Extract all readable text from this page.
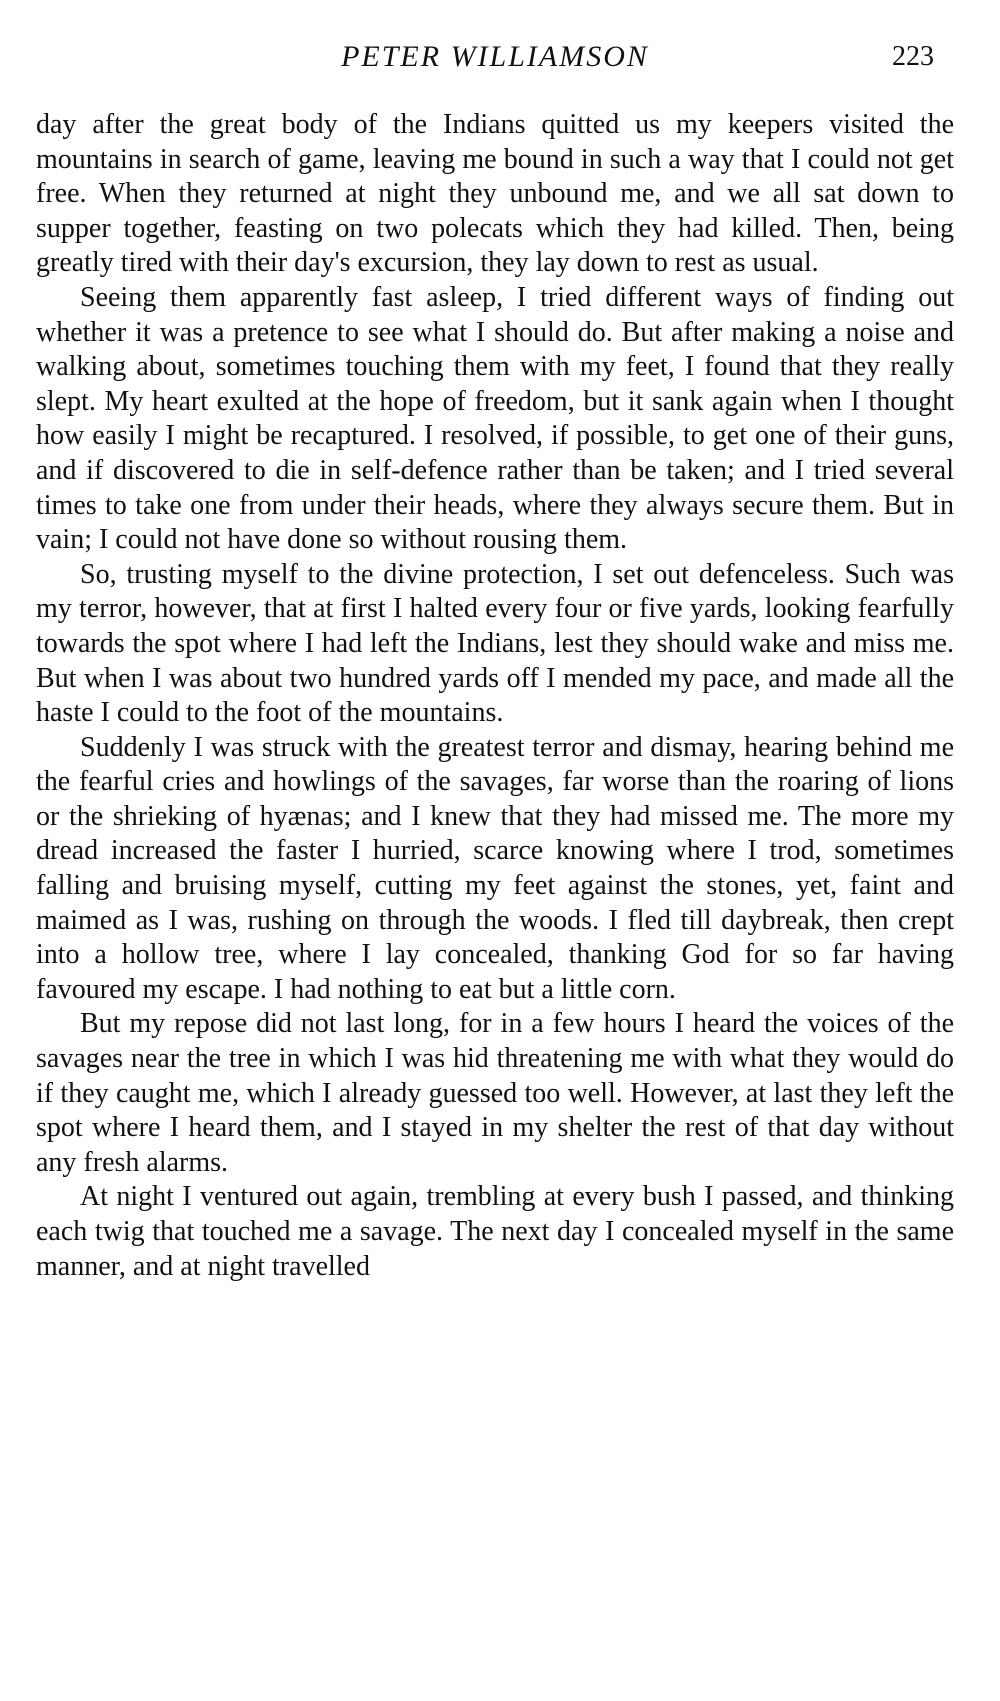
PETER WILLIAMSON	223

day after the great body of the Indians quitted us my keepers visited the mountains in search of game, leaving me bound in such a way that I could not get free. When they returned at night they unbound me, and we all sat down to supper together, feasting on two polecats which they had killed. Then, being greatly tired with their day's excursion, they lay down to rest as usual.

Seeing them apparently fast asleep, I tried different ways of finding out whether it was a pretence to see what I should do. But after making a noise and walking about, sometimes touching them with my feet, I found that they really slept. My heart exulted at the hope of freedom, but it sank again when I thought how easily I might be recaptured. I resolved, if possible, to get one of their guns, and if discovered to die in self-defence rather than be taken; and I tried several times to take one from under their heads, where they always secure them. But in vain; I could not have done so without rousing them.

So, trusting myself to the divine protection, I set out defenceless. Such was my terror, however, that at first I halted every four or five yards, looking fearfully towards the spot where I had left the Indians, lest they should wake and miss me. But when I was about two hundred yards off I mended my pace, and made all the haste I could to the foot of the mountains.

Suddenly I was struck with the greatest terror and dismay, hearing behind me the fearful cries and howlings of the savages, far worse than the roaring of lions or the shrieking of hyænas; and I knew that they had missed me. The more my dread increased the faster I hurried, scarce knowing where I trod, sometimes falling and bruising myself, cutting my feet against the stones, yet, faint and maimed as I was, rushing on through the woods. I fled till daybreak, then crept into a hollow tree, where I lay concealed, thanking God for so far having favoured my escape. I had nothing to eat but a little corn.

But my repose did not last long, for in a few hours I heard the voices of the savages near the tree in which I was hid threatening me with what they would do if they caught me, which I already guessed too well. However, at last they left the spot where I heard them, and I stayed in my shelter the rest of that day without any fresh alarms.

At night I ventured out again, trembling at every bush I passed, and thinking each twig that touched me a savage. The next day I concealed myself in the same manner, and at night travelled
